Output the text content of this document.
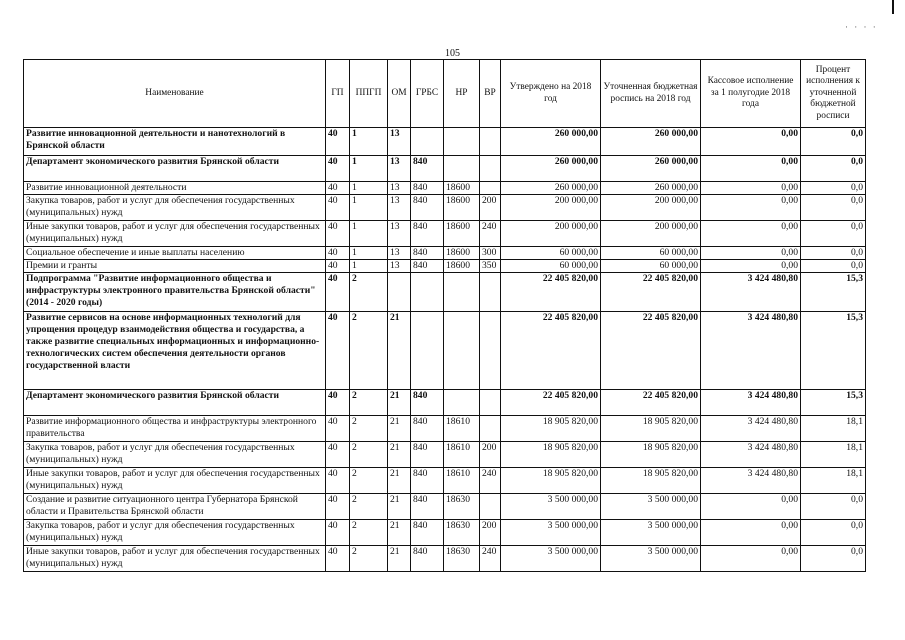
· · · ·
105
Наименование	ГП	ППГП	ОМ	ГРБС	НР	ВР	Утверждено на 2018 год	Уточненная бюджетная роспись на 2018 год	Кассовое исполнение за 1 полугодие 2018 года	Процент исполнения к уточненной бюджетной росписи
Развитие инновационной деятельности и нанотехнологий в Брянской области	40	1	13				260 000,00	260 000,00	0,00	0,0
Департамент экономического развития Брянской области	40	1	13	840			260 000,00	260 000,00	0,00	0,0
Развитие инновационной деятельности	40	1	13	840	18600		260 000,00	260 000,00	0,00	0,0
Закупка товаров, работ и услуг для обеспечения государственных (муниципальных) нужд	40	1	13	840	18600	200	200 000,00	200 000,00	0,00	0,0
Иные закупки товаров, работ и услуг для обеспечения государственных (муниципальных) нужд	40	1	13	840	18600	240	200 000,00	200 000,00	0,00	0,0
Социальное обеспечение и иные выплаты населению	40	1	13	840	18600	300	60 000,00	60 000,00	0,00	0,0
Премии и гранты	40	1	13	840	18600	350	60 000,00	60 000,00	0,00	0,0
Подпрограмма "Развитие информационного общества и инфраструктуры электронного правительства Брянской области" (2014 - 2020 годы)	40	2					22 405 820,00	22 405 820,00	3 424 480,80	15,3
Развитие сервисов на основе информационных технологий для упрощения процедур взаимодействия общества и государства, а также развитие специальных информационных и информационно-технологических систем обеспечения деятельности органов государственной власти	40	2	21				22 405 820,00	22 405 820,00	3 424 480,80	15,3
Департамент экономического развития Брянской области	40	2	21	840			22 405 820,00	22 405 820,00	3 424 480,80	15,3
Развитие информационного общества и инфраструктуры электронного правительства	40	2	21	840	18610		18 905 820,00	18 905 820,00	3 424 480,80	18,1
Закупка товаров, работ и услуг для обеспечения государственных (муниципальных) нужд	40	2	21	840	18610	200	18 905 820,00	18 905 820,00	3 424 480,80	18,1
Иные закупки товаров, работ и услуг для обеспечения государственных (муниципальных) нужд	40	2	21	840	18610	240	18 905 820,00	18 905 820,00	3 424 480,80	18,1
Создание и развитие ситуационного центра Губернатора Брянской области и Правительства Брянской области	40	2	21	840	18630		3 500 000,00	3 500 000,00	0,00	0,0
Закупка товаров, работ и услуг для обеспечения государственных (муниципальных) нужд	40	2	21	840	18630	200	3 500 000,00	3 500 000,00	0,00	0,0
Иные закупки товаров, работ и услуг для обеспечения государственных (муниципальных) нужд	40	2	21	840	18630	240	3 500 000,00	3 500 000,00	0,00	0,0
